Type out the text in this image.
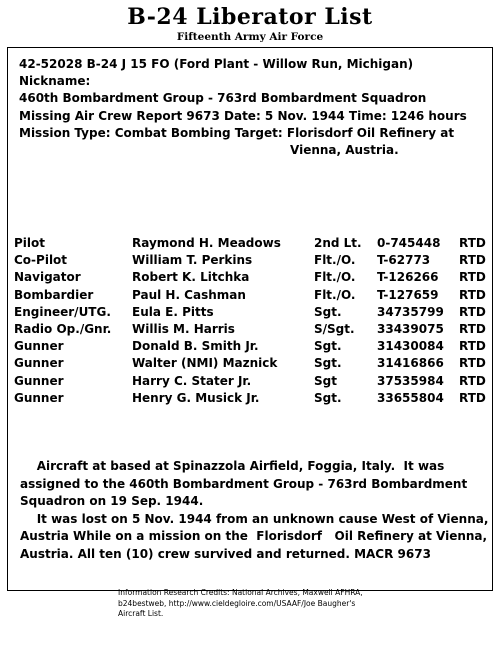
B-24 Liberator List
Fifteenth Army Air Force
42-52028 B-24 J 15 FO (Ford Plant - Willow Run, Michigan)
Nickname:
460th Bombardment Group - 763rd Bombardment Squadron
Missing Air Crew Report 9673 Date: 5 Nov. 1944 Time: 1246 hours
Mission Type: Combat Bombing Target: Florisdorf Oil Refinery at
Vienna, Austria.
Pilot	Raymond H. Meadows	2nd Lt. 0-745448 RTD
Co-Pilot	William T. Perkins	Flt./O. T-62773 RTD
Navigator	Robert K. Litchka	Flt./O. T-126266 RTD
Bombardier	Paul H. Cashman	Flt./O. T-127659 RTD
Engineer/UTG. Eula E. Pitts	Sgt.	34735799 RTD
Radio Op./Gnr. Willis M. Harris	S/Sgt. 33439075 RTD
Gunner	Donald B. Smith Jr.	Sgt.	31430084 RTD
Gunner	Walter (NMI) Maznick	Sgt.	31416866 RTD
Gunner	Harry C. Stater Jr.	Sgt	37535984 RTD
Gunner	Henry G. Musick Jr.	Sgt.	33655804 RTD

Aircraft at based at Spinazzola Airfield, Foggia, Italy.  It was

assigned to the 460th Bombardment Group - 763rd Bombardment

Squadron on 19 Sep. 1944.

It was lost on 5 Nov. 1944 from an unknown cause West of Vienna,

Austria While on a mission on the  Florisdorf   Oil Refinery at Vienna,

Austria. All ten (10) crew survived and returned. MACR 9673

Information Research Credits: National Archives, Maxwell AFHRA,
b24bestweb, http://www.cieldegloire.com/USAAF/Joe Baugher's
Aircraft List.
